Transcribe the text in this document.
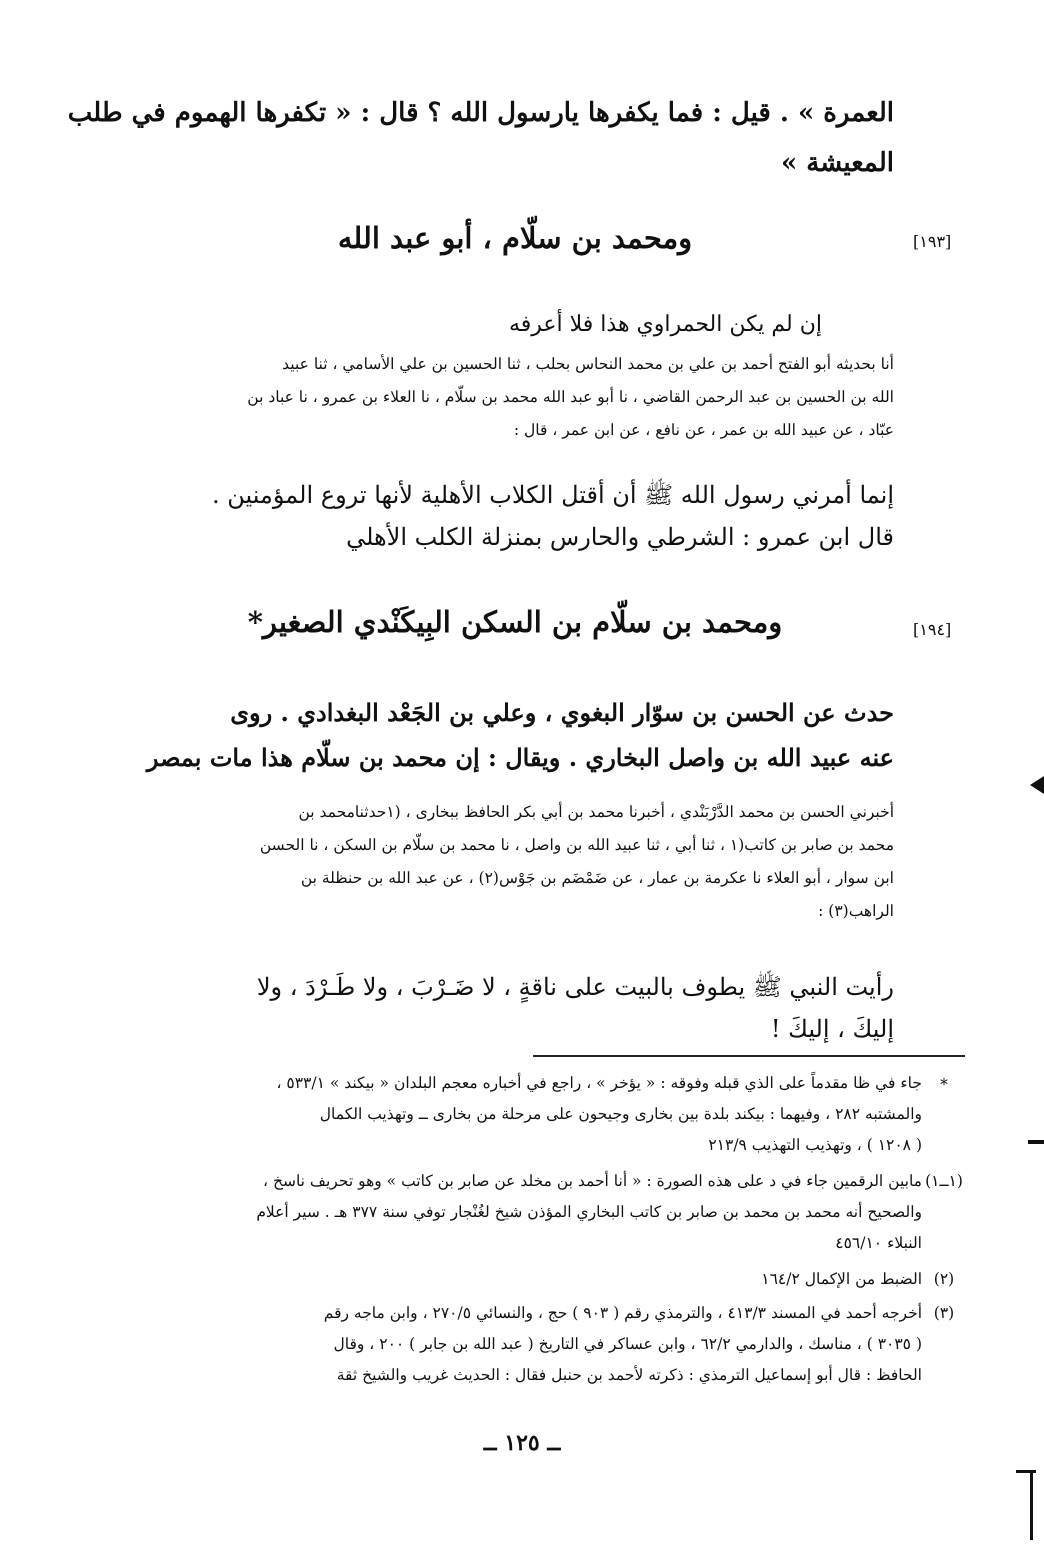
العمرة » . قيل : فما يكفرها يارسول الله ؟ قال : « تكفرها الهموم في طلب
المعيشة »
[١٩٣]
ومحمد بن سلّام ، أبو عبد الله
إن لم يكن الحمراوي هذا فلا أعرفه
أنا بحديثه أبو الفتح أحمد بن علي بن محمد النحاس بحلب ، ثنا الحسين بن علي الأسامي ، ثنا عبيد
الله بن الحسين بن عبد الرحمن القاضي ، نا أبو عبد الله محمد بن سلّام ، نا العلاء بن عمرو ، نا عباد بن
عبّاد ، عن عبيد الله بن عمر ، عن نافع ، عن ابن عمر ، قال :
إنما أمرني رسول الله ﷺ أن أقتل الكلاب الأهلية لأنها تروع المؤمنين .
قال ابن عمرو : الشرطي والحارس بمنزلة الكلب الأهلي
[١٩٤]
ومحمد بن سلّام بن السكن البِيكَنْدي الصغير*
حدث عن الحسن بن سوّار البغوي ، وعلي بن الجَعْد البغدادي . روى
عنه عبيد الله بن واصل البخاري . ويقال : إن محمد بن سلّام هذا مات بمصر
أخبرني الحسن بن محمد الدَّرْبَنْدي ، أخبرنا محمد بن أبي بكر الحافظ ببخارى ، (١حدثنامحمد بن
محمد بن صابر بن كاتب(١ ، ثنا أبي ، ثنا عبيد الله بن واصل ، نا محمد بن سلّام بن السكن ، نا الحسن
ابن سوار ، أبو العلاء نا عكرمة بن عمار ، عن ضَمْضَم بن جَوْس(٢) ، عن عبد الله بن حنظلة بن
الراهب(٣) :
رأيت النبي ﷺ يطوف بالبيت على ناقةٍ ، لا ضَـرْبَ ، ولا طَـرْدَ ، ولا
إليكَ ، إليكَ !
*
جاء في ظا مقدماً على الذي قبله وفوقه : « يؤخر » ، راجع في أخباره معجم البلدان « بيكند » ٥٣٣/١ ،
والمشتبه ٢٨٢ ، وفيهما : بيكند بلدة بين بخارى وجيحون على مرحلة من بخارى ــ وتهذيب الكمال
( ١٢٠٨ ) ، وتهذيب التهذيب ٢١٣/٩
(١ــ١)
مابين الرقمين جاء في د على هذه الصورة : « أنا أحمد بن مخلد عن صابر بن كاتب » وهو تحريف ناسخ ،
والصحيح أنه محمد بن محمد بن صابر بن كاتب البخاري المؤذن شيخ لغُنْجار توفي سنة ٣٧٧ هـ . سير أعلام
النبلاء ٤٥٦/١٠
(٢)
الضبط من الإكمال ١٦٤/٢
(٣)
أخرجه أحمد في المسند ٤١٣/٣ ، والترمذي رقم ( ٩٠٣ ) حج ، والنسائي ٢٧٠/٥ ، وابن ماجه رقم
( ٣٠٣٥ ) ، مناسك ، والدارمي ٦٢/٢ ، وابن عساكر في التاريخ ( عبد الله بن جابر ) ٢٠٠ ، وقال
الحافظ : قال أبو إسماعيل الترمذي : ذكرته لأحمد بن حنبل فقال : الحديث غريب والشيخ ثقة
ــ ١٢٥ ــ
